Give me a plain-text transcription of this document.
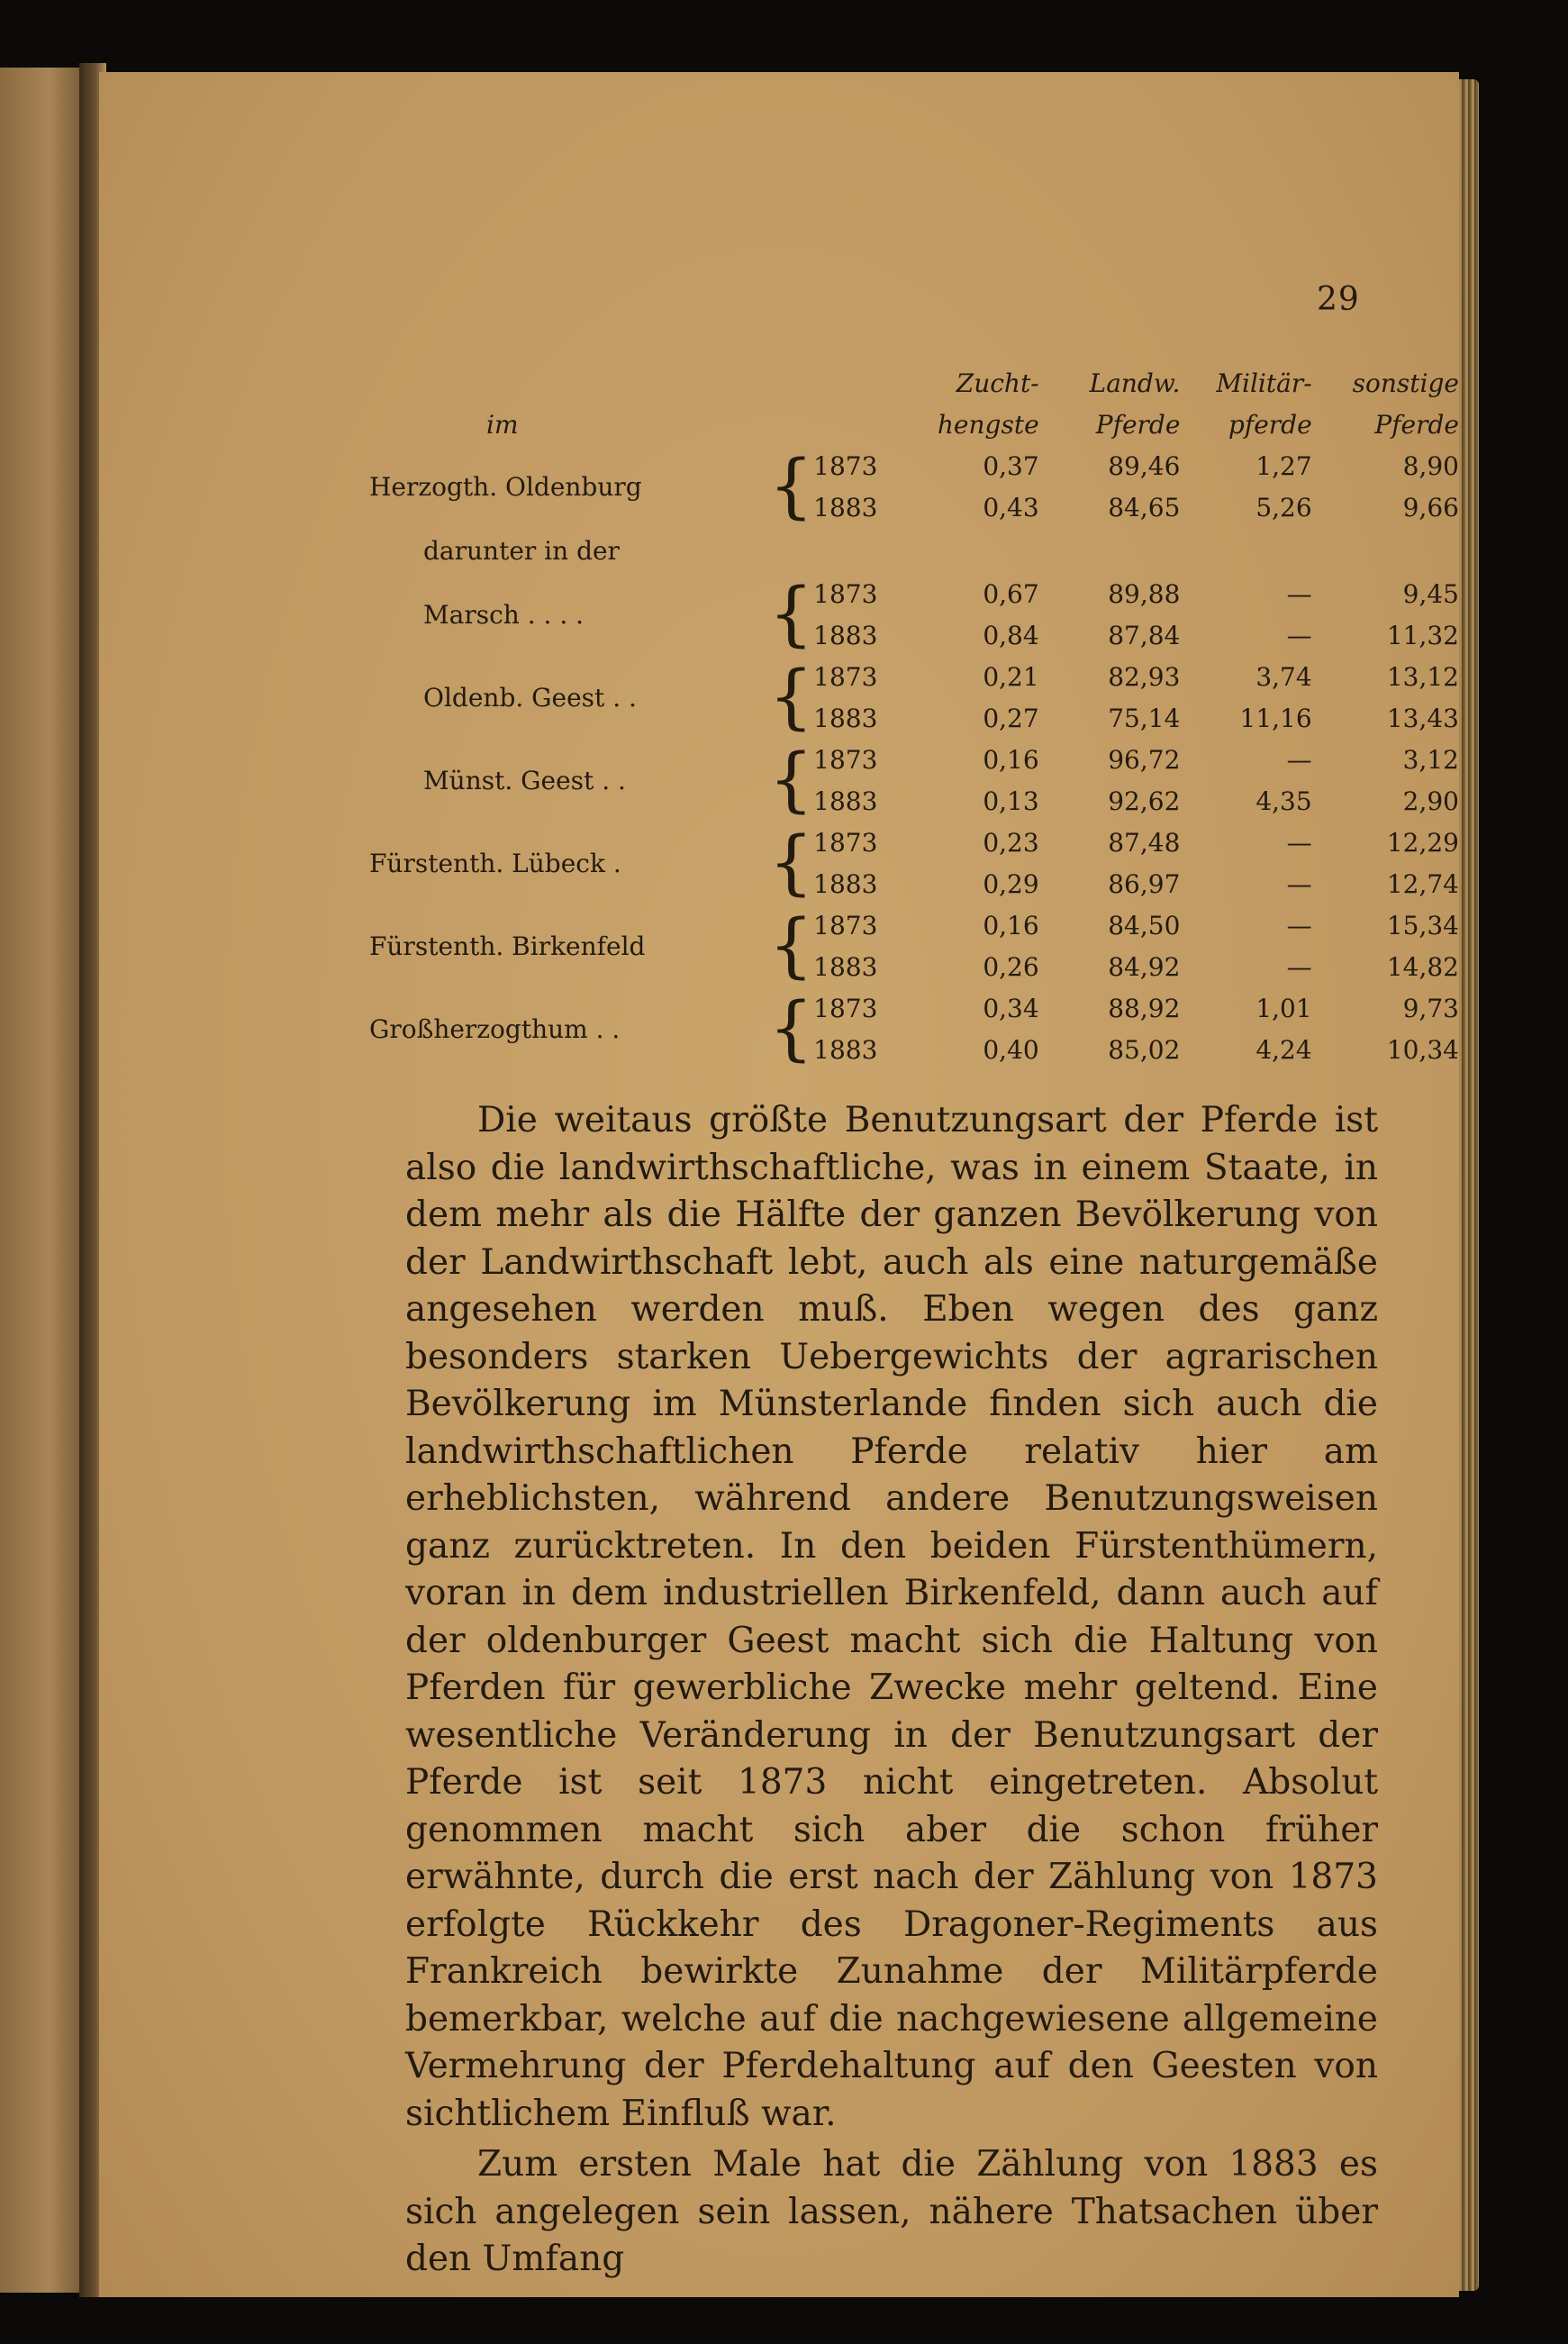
29
			Zucht-	Landw.	Militär-	sonstige
im			hengste	Pferde	pferde	Pferde
Herzogth. Oldenburg	{	1873	0,37	89,46	1,27	8,90
		1883	0,43	84,65	5,26	9,66
darunter in der						
Marsch . . . .	{	1873	0,67	89,88	—	9,45
		1883	0,84	87,84	—	11,32
Oldenb. Geest . .	{	1873	0,21	82,93	3,74	13,12
		1883	0,27	75,14	11,16	13,43
Münst. Geest . .	{	1873	0,16	96,72	—	3,12
		1883	0,13	92,62	4,35	2,90
Fürstenth. Lübeck .	{	1873	0,23	87,48	—	12,29
		1883	0,29	86,97	—	12,74
Fürstenth. Birkenfeld	{	1873	0,16	84,50	—	15,34
		1883	0,26	84,92	—	14,82
Großherzogthum . .	{	1873	0,34	88,92	1,01	9,73
		1883	0,40	85,02	4,24	10,34

Die weitaus größte Benutzungsart der Pferde ist also die landwirthschaftliche, was in einem Staate, in dem mehr als die Hälfte der ganzen Bevölkerung von der Landwirthschaft lebt, auch als eine naturgemäße angesehen werden muß. Eben wegen des ganz besonders starken Uebergewichts der agrarischen Bevölkerung im Münsterlande finden sich auch die landwirthschaftlichen Pferde relativ hier am erheblichsten, während andere Benutzungsweisen ganz zurücktreten. In den beiden Fürstenthümern, voran in dem industriellen Birkenfeld, dann auch auf der oldenburger Geest macht sich die Haltung von Pferden für gewerbliche Zwecke mehr geltend. Eine wesentliche Veränderung in der Benutzungsart der Pferde ist seit 1873 nicht eingetreten. Absolut genommen macht sich aber die schon früher erwähnte, durch die erst nach der Zählung von 1873 erfolgte Rückkehr des Dragoner-Regiments aus Frankreich bewirkte Zunahme der Militärpferde bemerkbar, welche auf die nachgewiesene allgemeine Vermehrung der Pferdehaltung auf den Geesten von sichtlichem Einfluß war.

Zum ersten Male hat die Zählung von 1883 es sich angelegen sein lassen, nähere Thatsachen über den Umfang
